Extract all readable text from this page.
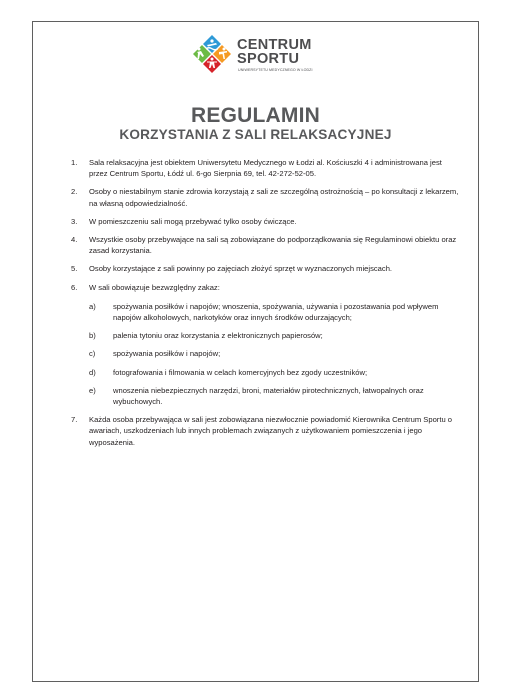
CENTRUM
SPORTU
UNIWERSYTETU MEDYCZNEGO W ŁODZI
REGULAMIN
KORZYSTANIA Z SALI RELAKSACYJNEJ
1. Sala relaksacyjna jest obiektem Uniwersytetu Medycznego w Łodzi al. Kościuszki 4 i administrowana jest przez Centrum Sportu, Łódź ul. 6-go Sierpnia 69, tel. 42-272-52-05.
2. Osoby o niestabilnym stanie zdrowia korzystają z sali ze szczególną ostrożnością – po konsultacji z lekarzem, na własną odpowiedzialność.
3. W pomieszczeniu sali mogą przebywać tylko osoby ćwiczące.
4. Wszystkie osoby przebywające na sali są zobowiązane do podporządkowania się Regulaminowi obiektu oraz zasad korzystania.
5. Osoby korzystające z sali powinny po zajęciach złożyć sprzęt w wyznaczonych miejscach.
6. W sali obowiązuje bezwzględny zakaz:
a) spożywania posiłków i napojów; wnoszenia, spożywania, używania i pozostawania pod wpływem napojów alkoholowych, narkotyków oraz innych środków odurzających;
b) palenia tytoniu oraz korzystania z elektronicznych papierosów;
c) spożywania posiłków i napojów;
d) fotografowania i filmowania w celach komercyjnych bez zgody uczestników;
e) wnoszenia niebezpiecznych narzędzi, broni, materiałów pirotechnicznych, łatwopalnych oraz wybuchowych.
7. Każda osoba przebywająca w sali jest zobowiązana niezwłocznie powiadomić Kierownika Centrum Sportu o awariach, uszkodzeniach lub innych problemach związanych z użytkowaniem pomieszczenia i jego wyposażenia.
